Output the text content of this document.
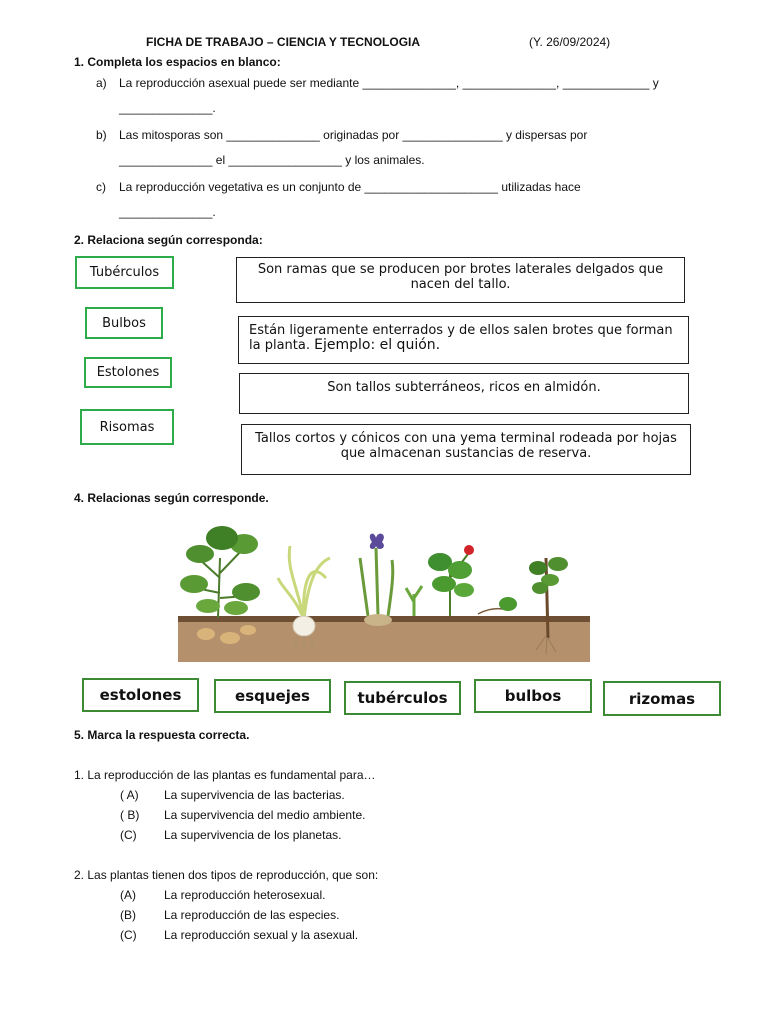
FICHA DE TRABAJO – CIENCIA Y TECNOLOGIA	(Y. 26/09/2024)
1. Completa los espacios en blanco:
a) La reproducción asexual puede ser mediante ______________, ______________, _____________ y
______________.
b) Las mitosporas son ______________ originadas por _______________ y dispersas por
______________ el _________________ y los animales.
c) La reproducción vegetativa es un conjunto de ____________________ utilizadas hace
______________.
2. Relaciona según corresponda:
Tubérculos
Bulbos
Estolones
Risomas
Son ramas que se producen por brotes laterales delgados que nacen del tallo.
Están ligeramente enterrados y de ellos salen brotes que forman la planta. Ejemplo: el quión.
Son tallos subterráneos, ricos en almidón.
Tallos cortos y cónicos con una yema terminal rodeada por hojas que almacenan sustancias de reserva.
4. Relacionas según corresponde.
estolones	esquejes	tubérculos	bulbos	rizomas
5. Marca la respuesta correcta.
1. La reproducción de las plantas es fundamental para…
( A) La supervivencia de las bacterias.
( B) La supervivencia del medio ambiente.
(C) La supervivencia de los planetas.
2. Las plantas tienen dos tipos de reproducción, que son:
(A) La reproducción heterosexual.
(B) La reproducción de las especies.
(C) La reproducción sexual y la asexual.
